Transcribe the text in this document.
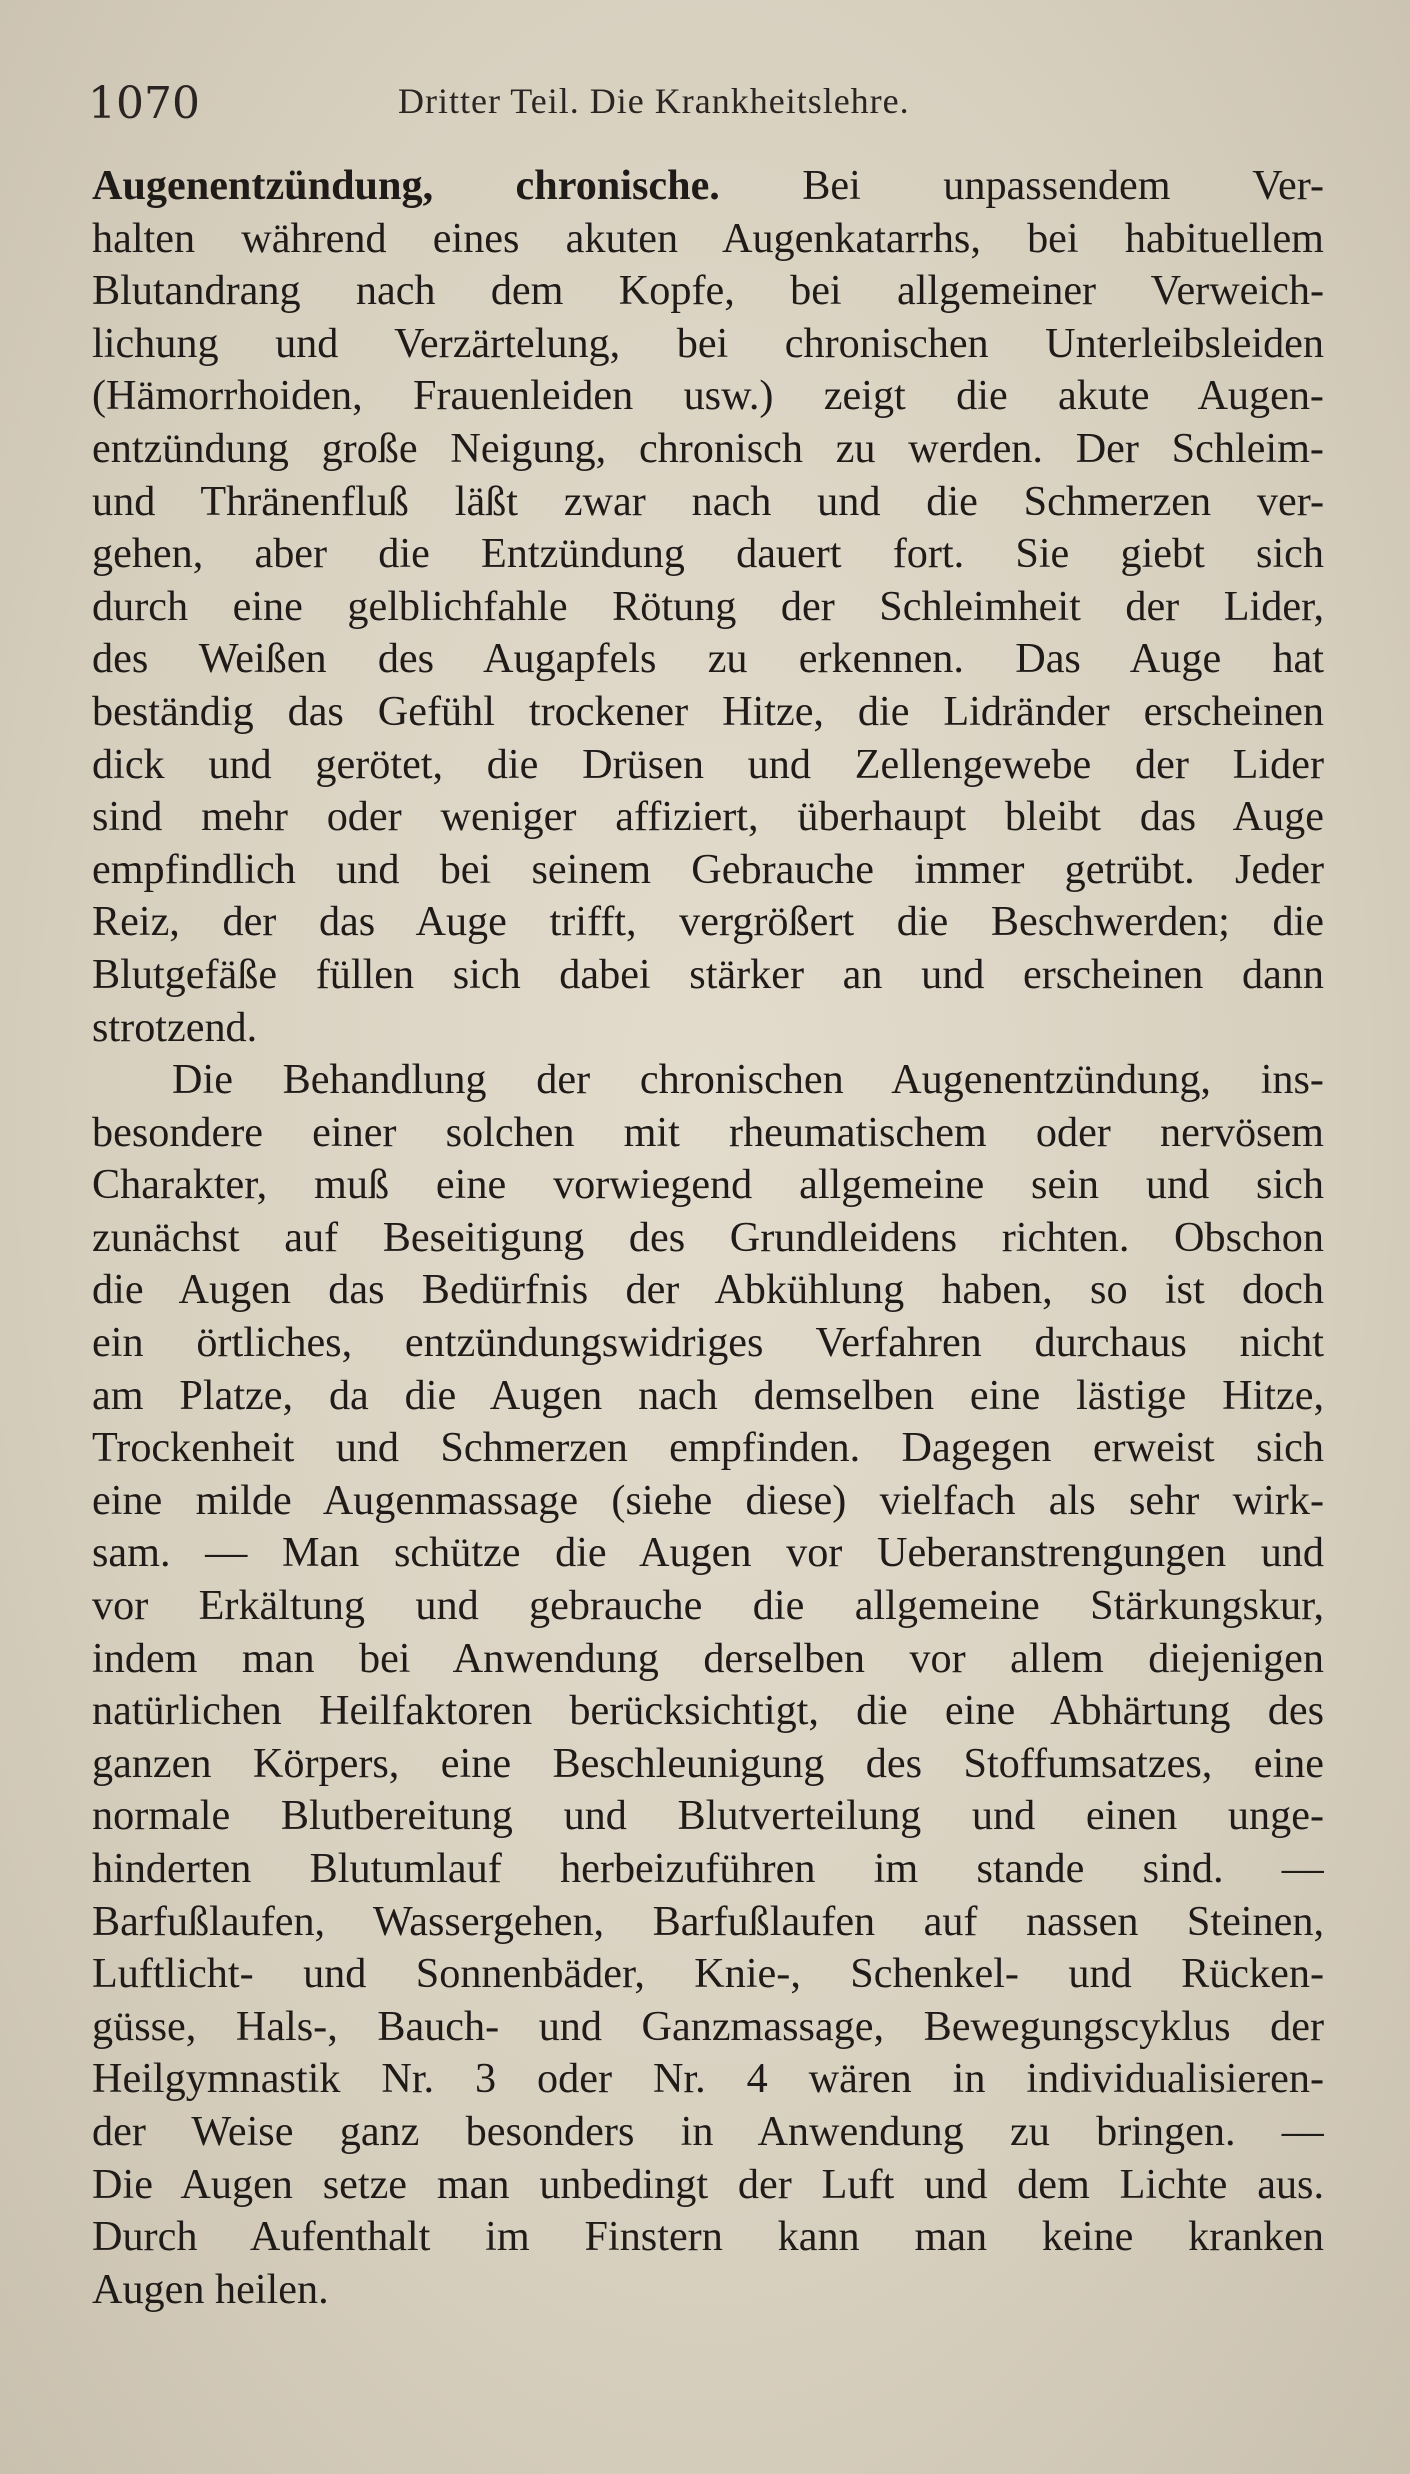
1070	Dritter Teil. Die Krankheitslehre.
Augenentzündung, chronische. Bei unpassendem Ver-
halten während eines akuten Augenkatarrhs, bei habituellem
Blutandrang nach dem Kopfe, bei allgemeiner Verweich-
lichung und Verzärtelung, bei chronischen Unterleibsleiden
(Hämorrhoiden, Frauenleiden usw.) zeigt die akute Augen-
entzündung große Neigung, chronisch zu werden. Der Schleim-
und Thränenfluß läßt zwar nach und die Schmerzen ver-
gehen, aber die Entzündung dauert fort. Sie giebt sich
durch eine gelblichfahle Rötung der Schleimheit der Lider,
des Weißen des Augapfels zu erkennen. Das Auge hat
beständig das Gefühl trockener Hitze, die Lidränder erscheinen
dick und gerötet, die Drüsen und Zellengewebe der Lider
sind mehr oder weniger affiziert, überhaupt bleibt das Auge
empfindlich und bei seinem Gebrauche immer getrübt. Jeder
Reiz, der das Auge trifft, vergrößert die Beschwerden; die
Blutgefäße füllen sich dabei stärker an und erscheinen dann
strotzend.
Die Behandlung der chronischen Augenentzündung, ins-
besondere einer solchen mit rheumatischem oder nervösem
Charakter, muß eine vorwiegend allgemeine sein und sich
zunächst auf Beseitigung des Grundleidens richten. Obschon
die Augen das Bedürfnis der Abkühlung haben, so ist doch
ein örtliches, entzündungswidriges Verfahren durchaus nicht
am Platze, da die Augen nach demselben eine lästige Hitze,
Trockenheit und Schmerzen empfinden. Dagegen erweist sich
eine milde Augenmassage (siehe diese) vielfach als sehr wirk-
sam. — Man schütze die Augen vor Ueberanstrengungen und
vor Erkältung und gebrauche die allgemeine Stärkungskur,
indem man bei Anwendung derselben vor allem diejenigen
natürlichen Heilfaktoren berücksichtigt, die eine Abhärtung des
ganzen Körpers, eine Beschleunigung des Stoffumsatzes, eine
normale Blutbereitung und Blutverteilung und einen unge-
hinderten Blutumlauf herbeizuführen im stande sind. —
Barfußlaufen, Wassergehen, Barfußlaufen auf nassen Steinen,
Luftlicht- und Sonnenbäder, Knie-, Schenkel- und Rücken-
güsse, Hals-, Bauch- und Ganzmassage, Bewegungscyklus der
Heilgymnastik Nr. 3 oder Nr. 4 wären in individualisieren-
der Weise ganz besonders in Anwendung zu bringen. —
Die Augen setze man unbedingt der Luft und dem Lichte aus.
Durch Aufenthalt im Finstern kann man keine kranken
Augen heilen.
